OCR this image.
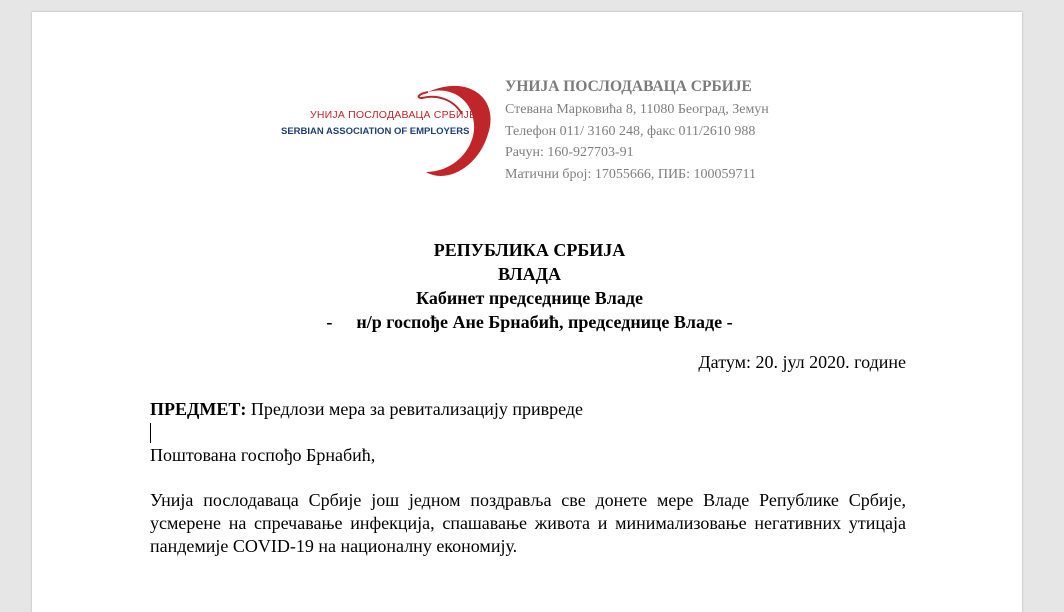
УНИЈА ПОСЛОДАВАЦА СРБИЈЕ
SERBIAN ASSOCIATION OF EMPLOYERS
УНИЈА ПОСЛОДАВАЦА СРБИЈЕ
Стевана Марковића 8, 11080 Београд, Земун
Телефон 011/ 3160 248, факс 011/2610 988
Рачун: 160-927703-91
Матични број: 17055666, ПИБ: 100059711
РЕПУБЛИКА СРБИЈА
ВЛАДА
Кабинет председнице Владе
- н/р госпође Ане Брнабић, председнице Владе -
Датум: 20. јул 2020. године
ПРЕДМЕТ: Предлози мера за ревитализацију привреде
Поштована госпођо Брнабић,
Унија послодаваца Србије још једном поздравља све донете мере Владе Републике Србије, усмерене на спречавање инфекција, спашавање живота и минимализовање негативних утицаја пандемије COVID-19 на националну економију.
